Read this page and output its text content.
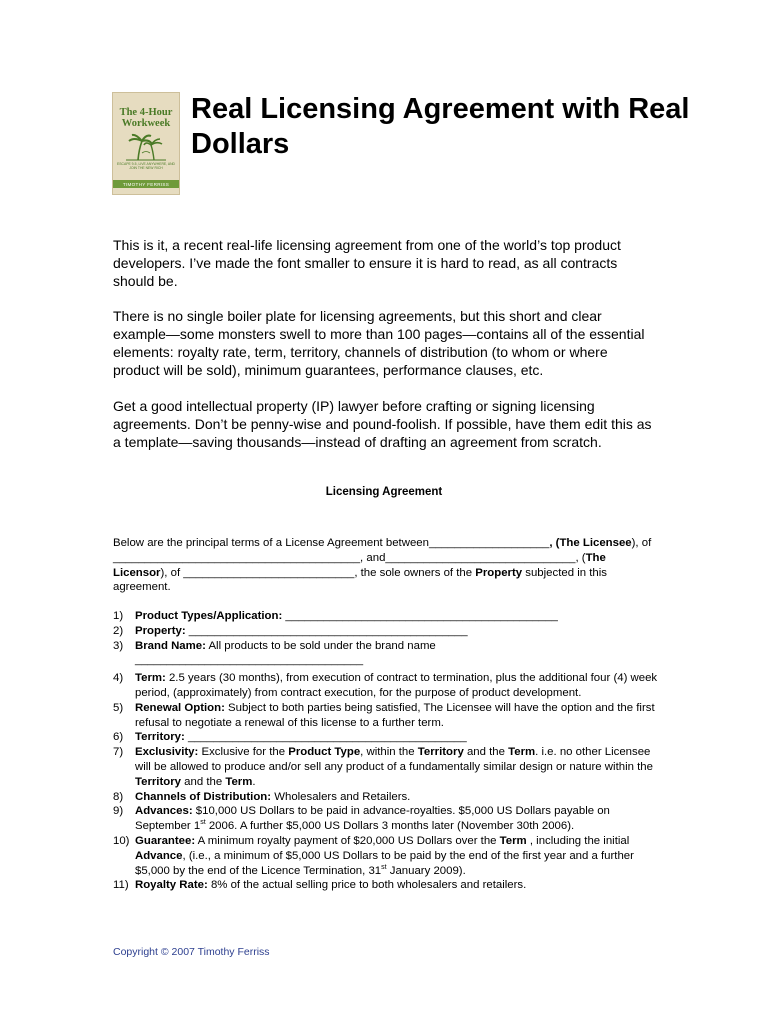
The 4-Hour
Workweek
ESCAPE 9-5, LIVE ANYWHERE, AND JOIN THE NEW RICH
TIMOTHY FERRISS
Real Licensing Agreement with Real Dollars

This is it, a recent real-life licensing agreement from one of the world’s top product developers. I’ve made the font smaller to ensure it is hard to read, as all contracts should be.

There is no single boiler plate for licensing agreements, but this short and clear example—some monsters swell to more than 100 pages—contains all of the essential elements: royalty rate, term, territory, channels of distribution (to whom or where product will be sold), minimum guarantees, performance clauses, etc.

Get a good intellectual property (IP) lawyer before crafting or signing licensing agreements. Don’t be penny-wise and pound-foolish. If possible, have them edit this as a template—saving thousands—instead of drafting an agreement from scratch.

Licensing Agreement

Below are the principal terms of a License Agreement between___________________, (The Licensee), of _______________________________________, and______________________________, (The Licensor), of ___________________________, the sole owners of the Property subjected in this agreement.

1)	Product Types/Application: ___________________________________________
2)	Property: ____________________________________________
3)	Brand Name: All products to be sold under the brand name
____________________________________
4)	Term: 2.5 years (30 months), from execution of contract to termination, plus the additional four (4) week period, (approximately) from contract execution, for the purpose of product development.
5)	Renewal Option: Subject to both parties being satisfied, The Licensee will have the option and the first refusal to negotiate a renewal of this license to a further term.
6)	Territory: ____________________________________________
7)	Exclusivity: Exclusive for the Product Type, within the Territory and the Term. i.e. no other Licensee will be allowed to produce and/or sell any product of a fundamentally similar design or nature within the Territory and the Term.
8)	Channels of Distribution: Wholesalers and Retailers.
9)	Advances: $10,000 US Dollars to be paid in advance-royalties. $5,000 US Dollars payable on September 1st 2006. A further $5,000 US Dollars 3 months later (November 30th 2006).
10) Guarantee: A minimum royalty payment of $20,000 US Dollars over the Term , including the initial Advance, (i.e., a minimum of $5,000 US Dollars to be paid by the end of the first year and a further $5,000 by the end of the Licence Termination, 31st January 2009).
11) Royalty Rate: 8% of the actual selling price to both wholesalers and retailers.
Copyright © 2007 Timothy Ferriss
